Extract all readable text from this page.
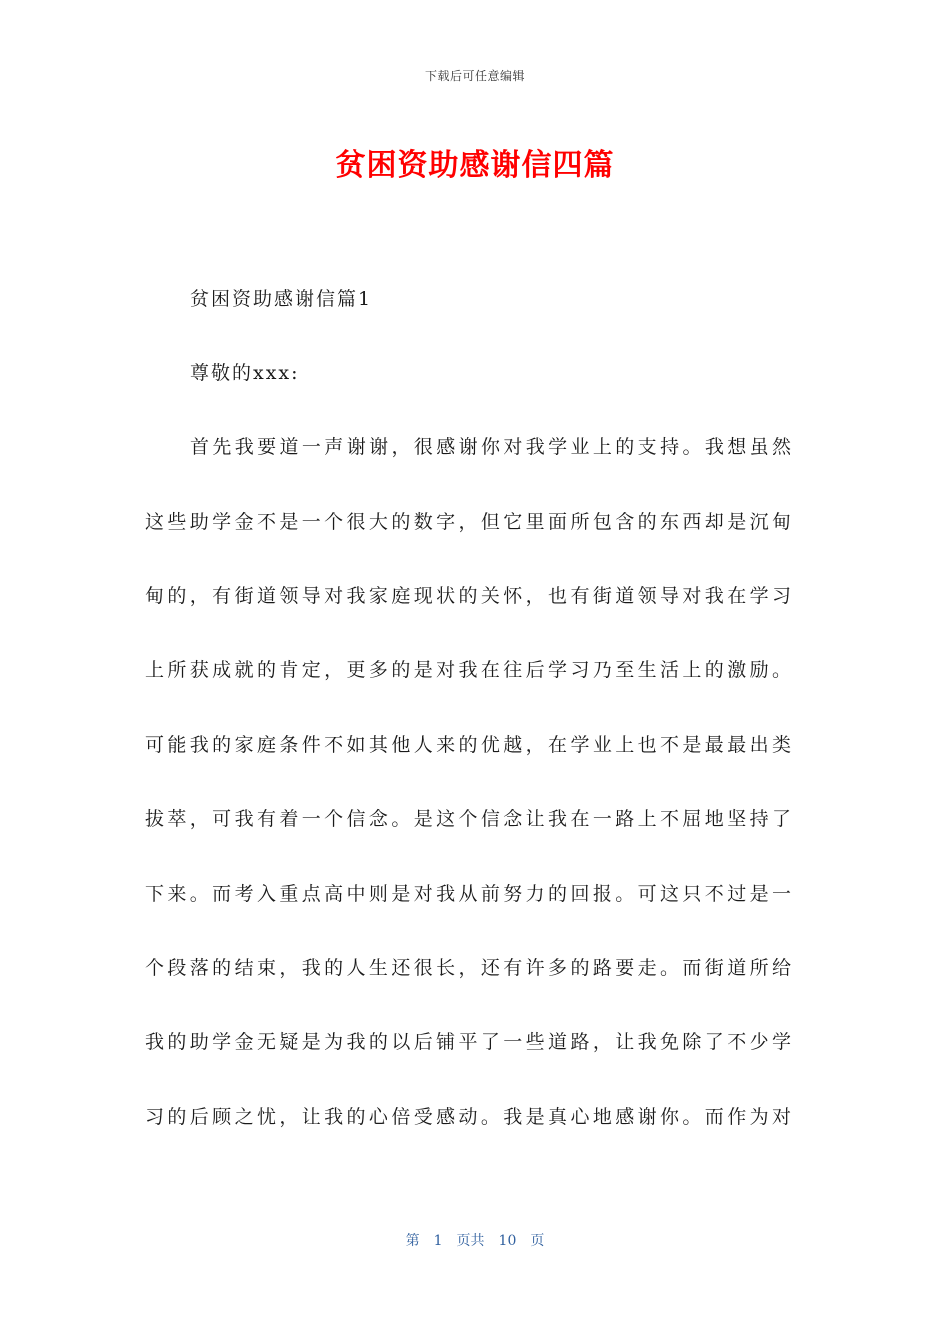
下载后可任意编辑
贫困资助感谢信四篇

贫困资助感谢信篇1

尊敬的xxx:

首先我要道一声谢谢，很感谢你对我学业上的支持。我想虽然

这些助学金不是一个很大的数字，但它里面所包含的东西却是沉甸

甸的，有街道领导对我家庭现状的关怀，也有街道领导对我在学习

上所获成就的肯定，更多的是对我在往后学习乃至生活上的激励。

可能我的家庭条件不如其他人来的优越，在学业上也不是最最出类

拔萃，可我有着一个信念。是这个信念让我在一路上不屈地坚持了

下来。而考入重点高中则是对我从前努力的回报。可这只不过是一

个段落的结束，我的人生还很长，还有许多的路要走。而街道所给

我的助学金无疑是为我的以后铺平了一些道路，让我免除了不少学

习的后顾之忧，让我的心倍受感动。我是真心地感谢你。而作为对

第　1　页共　10　页
